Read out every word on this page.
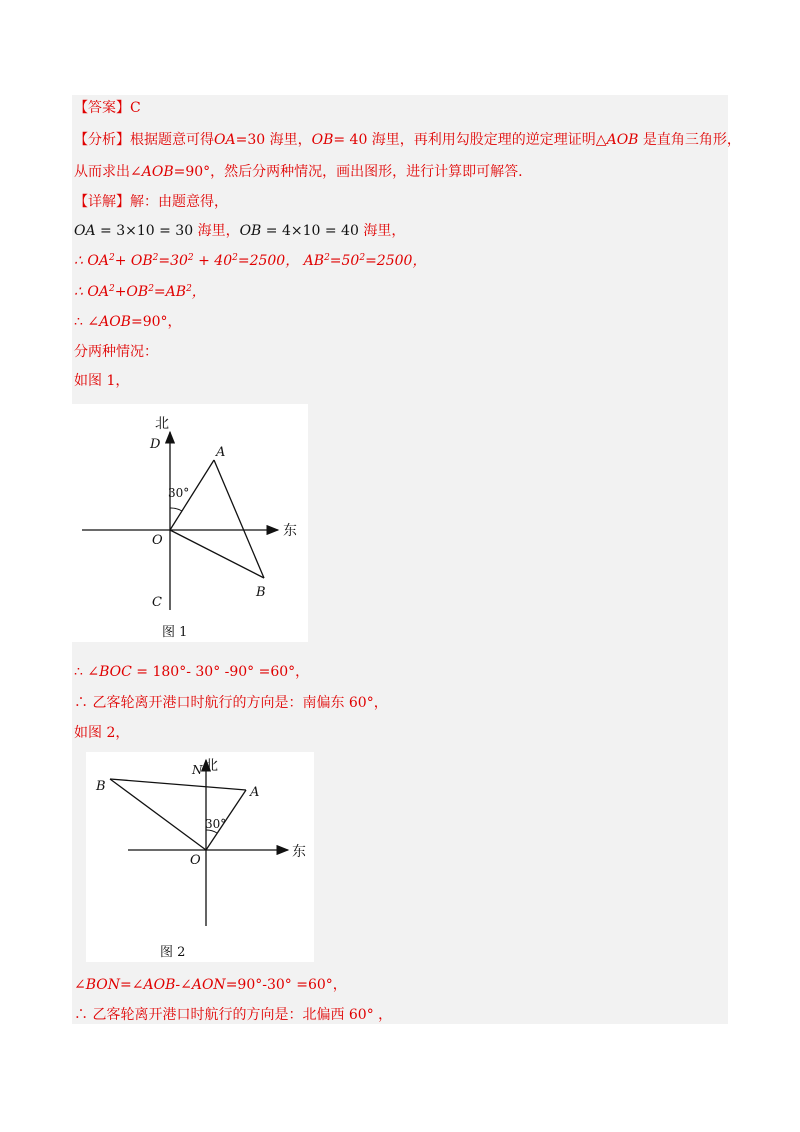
【答案】C
【分析】根据题意可得OA=30 海里，OB= 40 海里，再利用勾股定理的逆定理证明△AOB 是直角三角形，
从而求出∠AOB=90°，然后分两种情况，画出图形，进行计算即可解答.
【详解】解：由题意得，
OA = 3×10 = 30 海里，OB = 4×10 = 40 海里，
∴ $OA^2+ OB^2=30^2 + 40^2=2500$， $AB^2=50^2=2500$，
∴ $OA^2+OB^2=AB^2$，
∴ ∠AOB=90°，
分两种情况：
如图 1，
北
东
D
A
O
B
C
30°
图 1
∴ ∠BOC = 180°- 30° -90° =60°，
∴ 乙客轮离开港口时航行的方向是：南偏东 60°，
如图 2，
北
N
东
A
B
O
30°
图 2
∠BON=∠AOB-∠AON=90°-30° =60°，
∴ 乙客轮离开港口时航行的方向是：北偏西 60° ，
